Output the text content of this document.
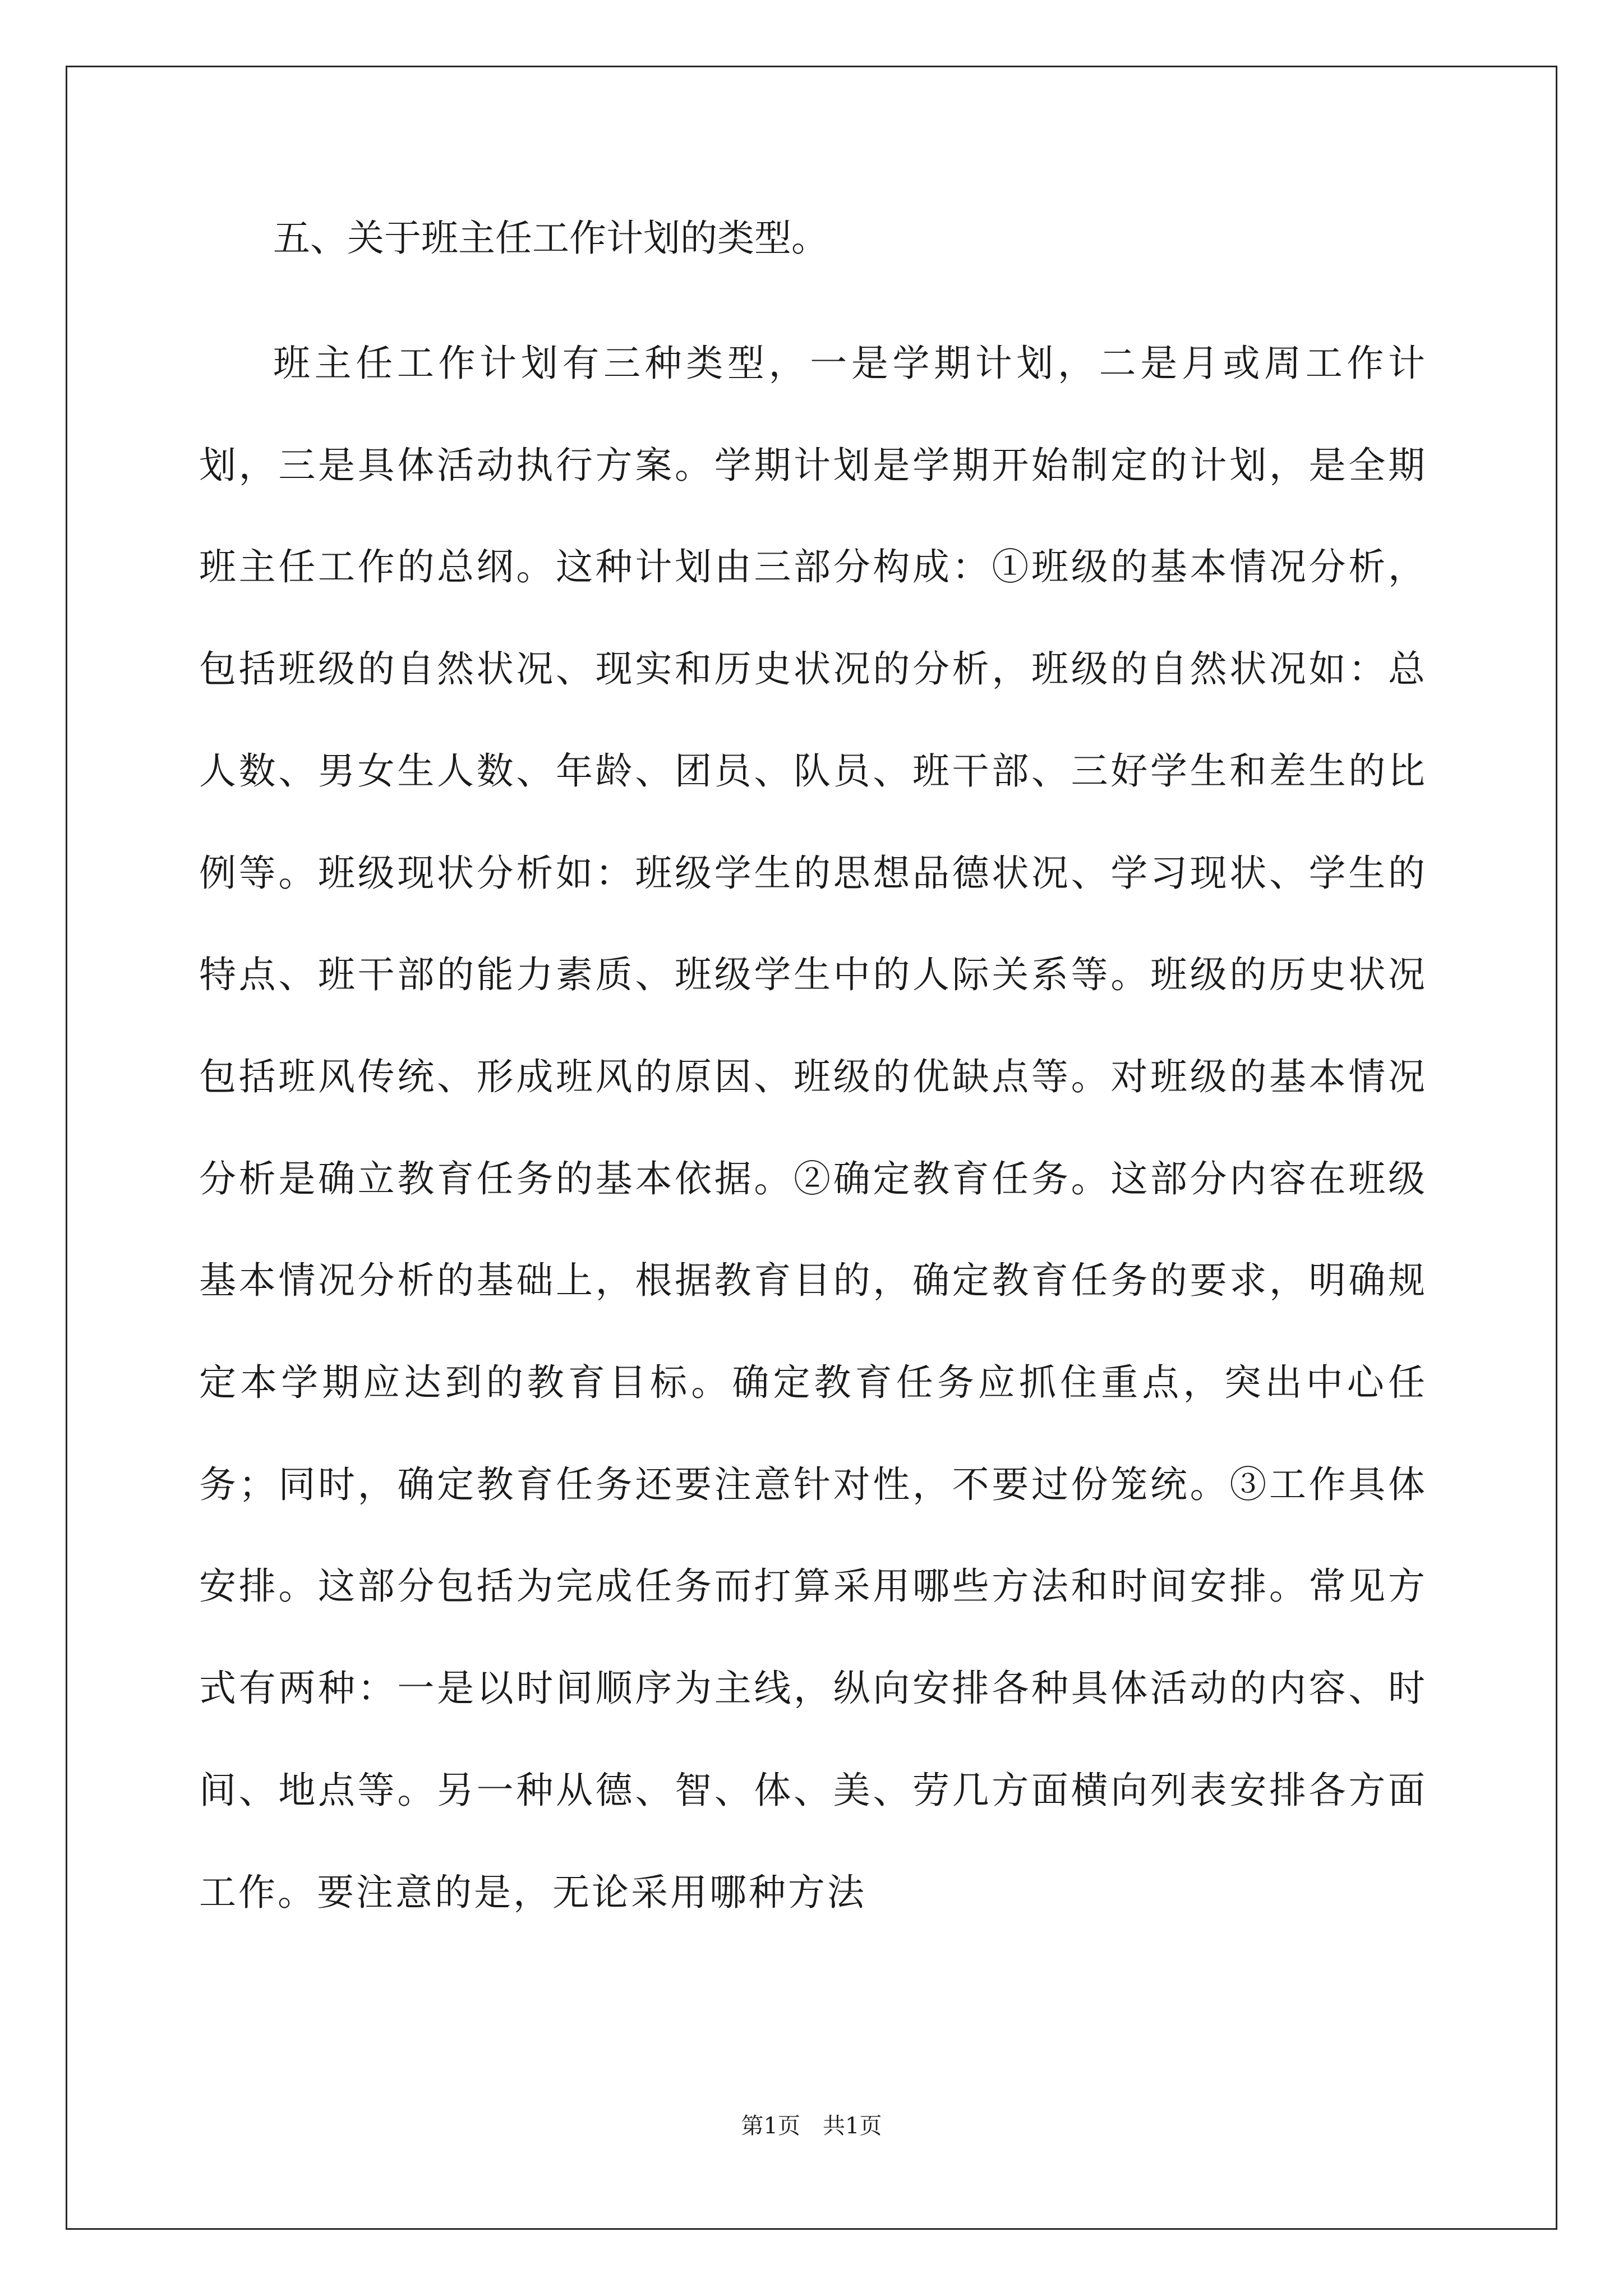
五、关于班主任工作计划的类型。

班主任工作计划有三种类型，一是学期计划，二是月或周工作计划，三是具体活动执行方案。学期计划是学期开始制定的计划，是全期班主任工作的总纲。这种计划由三部分构成：①班级的基本情况分析，包括班级的自然状况、现实和历史状况的分析，班级的自然状况如：总人数、男女生人数、年龄、团员、队员、班干部、三好学生和差生的比例等。班级现状分析如：班级学生的思想品德状况、学习现状、学生的特点、班干部的能力素质、班级学生中的人际关系等。班级的历史状况包括班风传统、形成班风的原因、班级的优缺点等。对班级的基本情况分析是确立教育任务的基本依据。②确定教育任务。这部分内容在班级基本情况分析的基础上，根据教育目的，确定教育任务的要求，明确规定本学期应达到的教育目标。确定教育任务应抓住重点，突出中心任务；同时，确定教育任务还要注意针对性，不要过份笼统。③工作具体安排。这部分包括为完成任务而打算采用哪些方法和时间安排。常见方式有两种：一是以时间顺序为主线，纵向安排各种具体活动的内容、时间、地点等。另一种从德、智、体、美、劳几方面横向列表安排各方面工作。要注意的是，无论采用哪种方法

第1页 共1页
